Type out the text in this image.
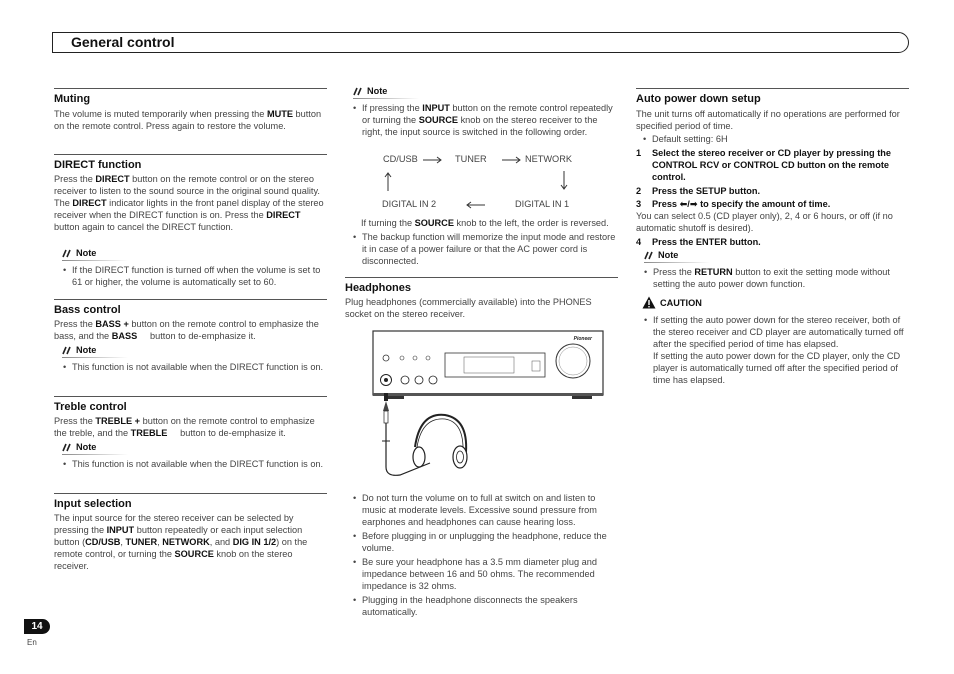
General control
Muting
The volume is muted temporarily when pressing the MUTE button on the remote control. Press again to restore the volume.
DIRECT function
Press the DIRECT button on the remote control or on the stereo receiver to listen to the sound source in the original sound quality. The DIRECT indicator lights in the front panel display of the stereo receiver when the DIRECT function is on. Press the DIRECT button again to cancel the DIRECT function.
Note
• If the DIRECT function is turned off when the volume is set to 61 or higher, the volume is automatically set to 60.
Bass control
Press the BASS + button on the remote control to emphasize the bass, and the BASS     button to de-emphasize it.
Note
• This function is not available when the DIRECT function is on.
Treble control
Press the TREBLE + button on the remote control to emphasize the treble, and the TREBLE     button to de-emphasize it.
Note
• This function is not available when the DIRECT function is on.
Input selection
The input source for the stereo receiver can be selected by pressing the INPUT button repeatedly or each input selection button (CD/USB, TUNER, NETWORK, and DIG IN 1/2) on the remote control, or turning the SOURCE knob on the stereo receiver.
Note
• If pressing the INPUT button on the remote control repeatedly or turning the SOURCE knob on the stereo receiver to the right, the input source is switched in the following order.
CD/USB	TUNER	NETWORK
DIGITAL IN 2	DIGITAL IN 1
If turning the SOURCE knob to the left, the order is reversed.
• The backup function will memorize the input mode and restore it in case of a power failure or that the AC power cord is disconnected.
Headphones
Plug headphones (commercially available) into the PHONES socket on the stereo receiver.
Pioneer
• Do not turn the volume on to full at switch on and listen to music at moderate levels. Excessive sound pressure from earphones and headphones can cause hearing loss.
• Before plugging in or unplugging the headphone, reduce the volume.
• Be sure your headphone has a 3.5 mm diameter plug and impedance between 16 and 50 ohms. The recommended impedance is 32 ohms.
• Plugging in the headphone disconnects the speakers automatically.
Auto power down setup
The unit turns off automatically if no operations are performed for specified period of time.
• Default setting: 6H
1	Select the stereo receiver or CD player by pressing the CONTROL RCV or CONTROL CD button on the remote control.
2	Press the SETUP button.
3	Press ⬅/➡ to specify the amount of time.
You can select 0.5 (CD player only), 2, 4 or 6 hours, or off (if no automatic shutoff is desired).
4	Press the ENTER button.
Note
• Press the RETURN button to exit the setting mode without setting the auto power down function.
CAUTION
• If setting the auto power down for the stereo receiver, both of the stereo receiver and CD player are automatically turned off after the specified period of time has elapsed.
If setting the auto power down for the CD player, only the CD player is automatically turned off after the specified period of time has elapsed.
14
En
